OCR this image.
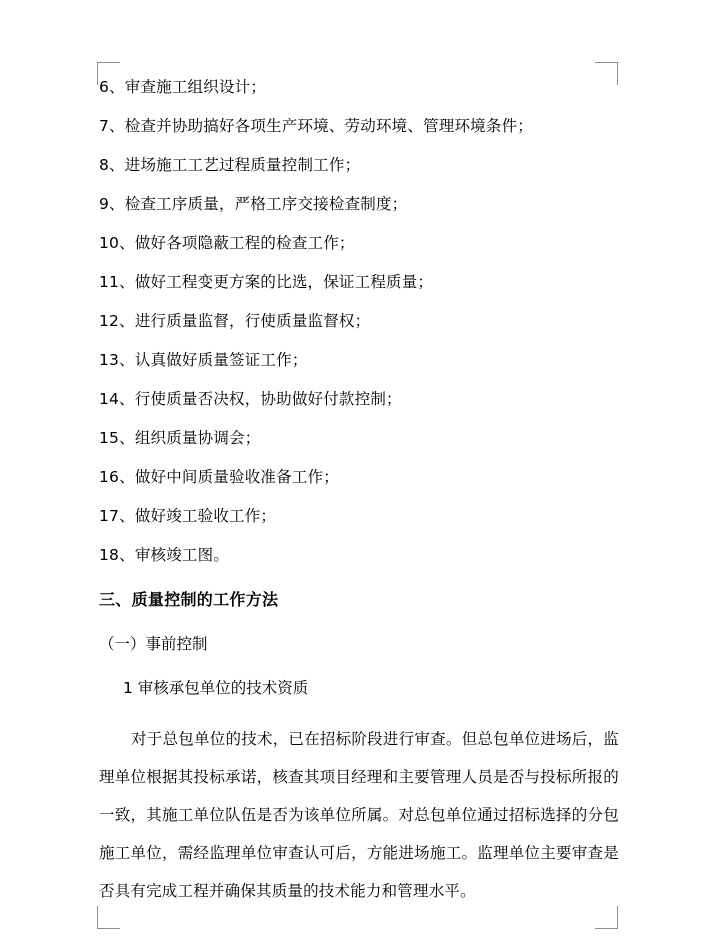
6、审查施工组织设计；

7、检查并协助搞好各项生产环境、劳动环境、管理环境条件；

8、进场施工工艺过程质量控制工作；

9、检查工序质量，严格工序交接检查制度；

10、做好各项隐蔽工程的检查工作；

11、做好工程变更方案的比选，保证工程质量；

12、进行质量监督，行使质量监督权；

13、认真做好质量签证工作；

14、行使质量否决权，协助做好付款控制；

15、组织质量协调会；

16、做好中间质量验收准备工作；

17、做好竣工验收工作；

18、审核竣工图。

三、质量控制的工作方法

（一）事前控制

1 审核承包单位的技术资质

对于总包单位的技术，已在招标阶段进行审查。但总包单位进场后，监理单位根据其投标承诺，核查其项目经理和主要管理人员是否与投标所报的一致，其施工单位队伍是否为该单位所属。对总包单位通过招标选择的分包施工单位，需经监理单位审查认可后，方能进场施工。监理单位主要审查是否具有完成工程并确保其质量的技术能力和管理水平。
